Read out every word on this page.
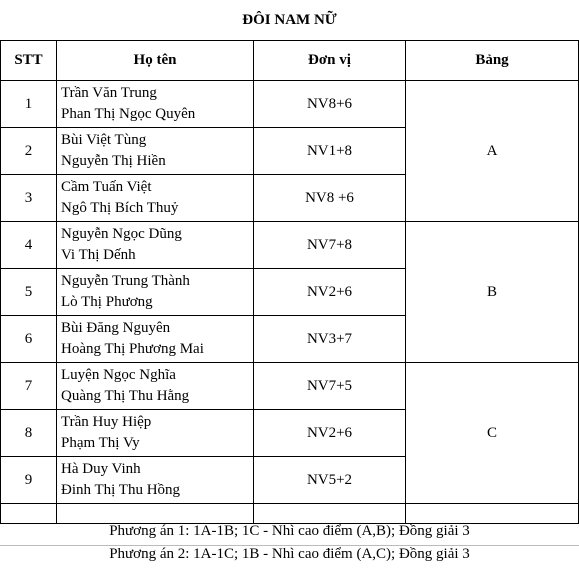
ĐÔI NAM NỮ
STT	Họ tên	Đơn vị	Bảng
1	Trần Văn Trung
Phan Thị Ngọc Quyên	NV8+6	A
2	Bùi Việt Tùng
Nguyễn Thị Hiền	NV1+8	
3	Cầm Tuấn Việt
Ngô Thị Bích Thuỷ	NV8 +6	
4	Nguyễn Ngọc Dũng
Vi Thị Dếnh	NV7+8	B
5	Nguyễn Trung Thành
Lò Thị Phương	NV2+6	
6	Bùi Đăng Nguyên
Hoàng Thị Phương Mai	NV3+7	
7	Luyện Ngọc Nghĩa
Quàng Thị Thu Hằng	NV7+5	C
8	Trần Huy Hiệp
Phạm Thị Vy	NV2+6	
9	Hà Duy Vinh
Đinh Thị Thu Hồng	NV5+2	

Phương án 1: 1A-1B; 1C - Nhì cao điểm (A,B); Đồng giải 3
Phương án 2: 1A-1C; 1B - Nhì cao điểm (A,C); Đồng giải 3
